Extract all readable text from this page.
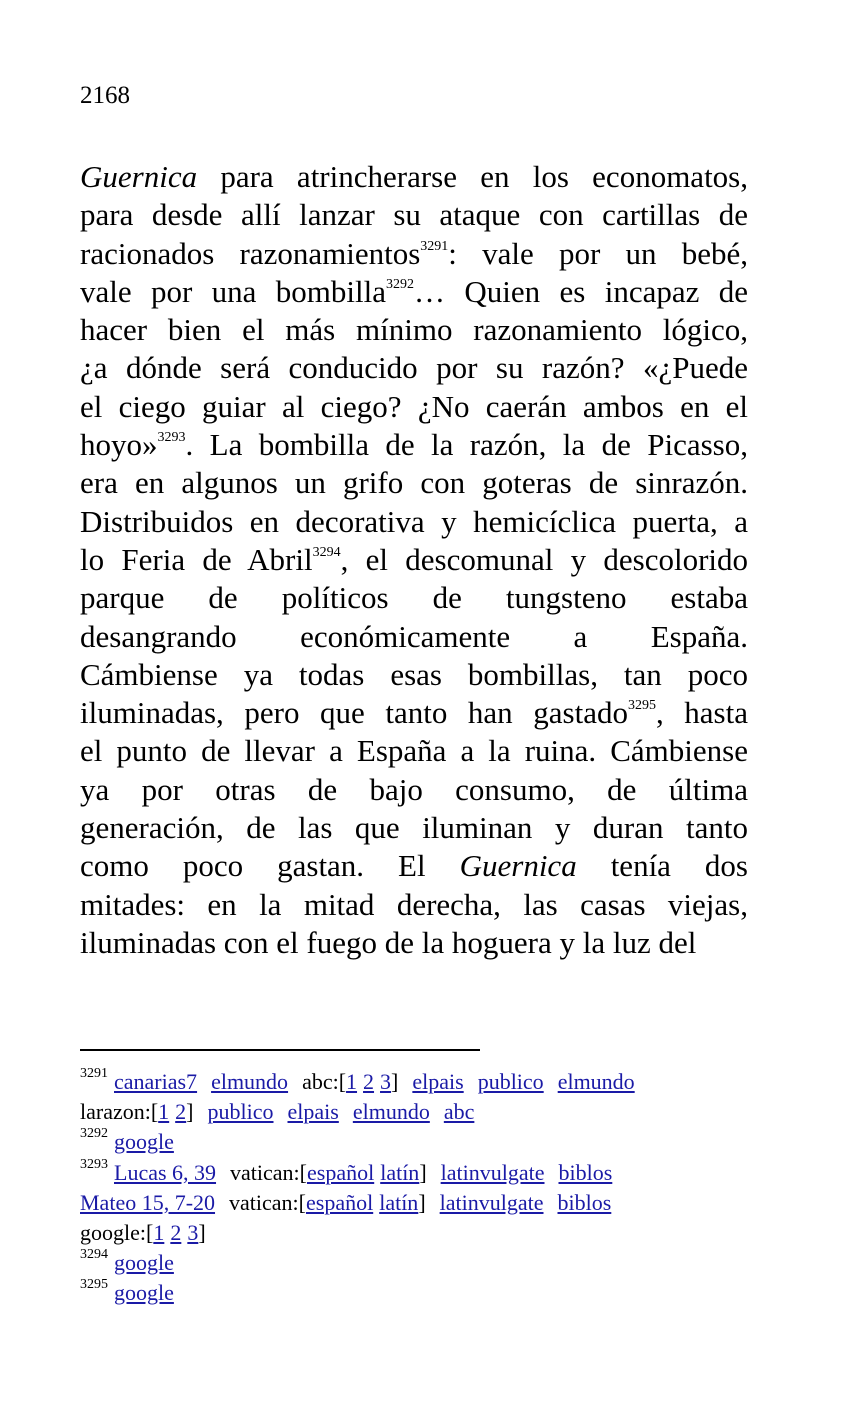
2168
Guernica para atrincherarse en los economatos,
para desde allí lanzar su ataque con cartillas de
racionados razonamientos$^{3291}$: vale por un bebé,
vale por una bombilla$^{3292}$… Quien es incapaz de
hacer bien el más mínimo razonamiento lógico,
¿a dónde será conducido por su razón? «¿Puede
el ciego guiar al ciego? ¿No caerán ambos en el
hoyo»$^{3293}$. La bombilla de la razón, la de Picasso,
era en algunos un grifo con goteras de sinrazón.
Distribuidos en decorativa y hemicíclica puerta, a
lo Feria de Abril$^{3294}$, el descomunal y descolorido
parque de políticos de tungsteno estaba
desangrando económicamente a España.
Cámbiense ya todas esas bombillas, tan poco
iluminadas, pero que tanto han gastado$^{3295}$, hasta
el punto de llevar a España a la ruina. Cámbiense
ya por otras de bajo consumo, de última
generación, de las que iluminan y duran tanto
como poco gastan. El Guernica tenía dos
mitades: en la mitad derecha, las casas viejas,
iluminadas con el fuego de la hoguera y la luz del
$^{3291}$ canarias7 elmundo abc:[1 2 3] elpais publico elmundo
larazon:[1 2] publico elpais elmundo abc
$^{3292}$ google
$^{3293}$ Lucas 6, 39 vatican:[español latín] latinvulgate biblos
Mateo 15, 7-20 vatican:[español latín] latinvulgate biblos
google:[1 2 3]
$^{3294}$ google
$^{3295}$ google
